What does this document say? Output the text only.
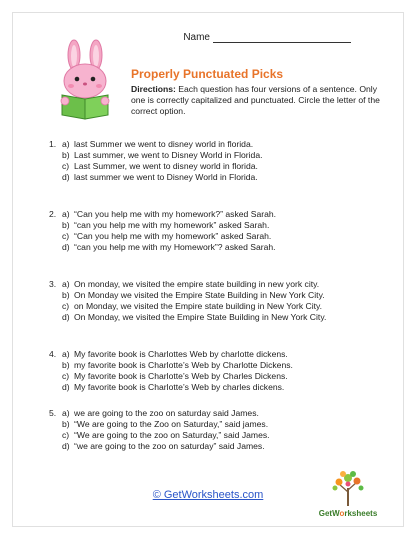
Name
Properly Punctuated Picks
Directions: Each question has four versions of a sentence. Only one is correctly capitalized and punctuated. Circle the letter of the correct option.
1. a) last Summer we went to disney world in florida.
b) Last summer, we went to Disney World in Florida.
c) Last Summer, we went to disney world in florida.
d) last summer we went to Disney World in Florida.
2. a) “Can you help me with my homework?” asked Sarah.
b) “can you help me with my homework” asked Sarah.
c) “Can you help me with my homework” asked Sarah.
d) “can you help me with my Homework”? asked Sarah.
3. a) On monday, we visited the empire state building in new york city.
b) On Monday we visited the Empire State Building in New York City.
c) on Monday, we visited the Empire state building in New York City.
d) On Monday, we visited the Empire State Building in New York City.
4. a) My favorite book is Charlottes Web by charlotte dickens.
b) my favorite book is Charlotte’s Web by Charlotte Dickens.
c) My favorite book is Charlotte’s Web by Charles Dickens.
d) My favorite book is Charlotte’s Web by charles dickens.
5. a) we are going to the zoo on saturday said James.
b) “We are going to the Zoo on Saturday,” said james.
c) “We are going to the zoo on Saturday,” said James.
d) “we are going to the zoo on saturday” said James.
© GetWorksheets.com
GetWorksheets
